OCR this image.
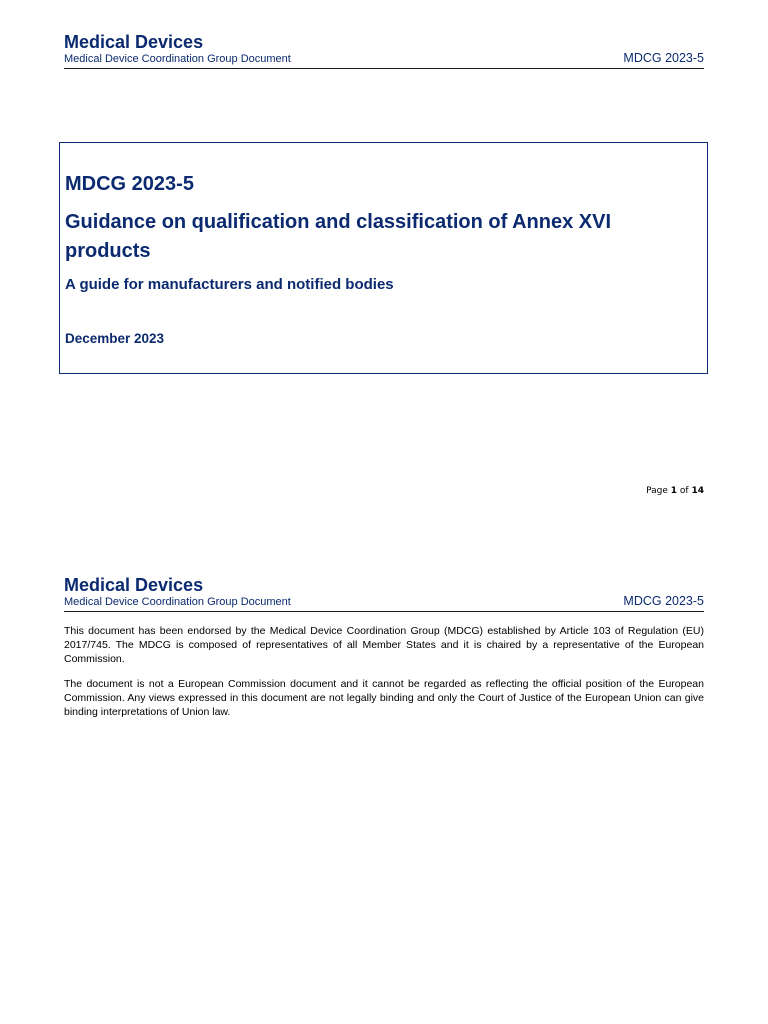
Medical Devices
Medical Device Coordination Group Document	MDCG 2023-5
MDCG 2023-5
Guidance on qualification and classification of Annex XVI products
A guide for manufacturers and notified bodies
December 2023
Page 1 of 14
Medical Devices
Medical Device Coordination Group Document	MDCG 2023-5

This document has been endorsed by the Medical Device Coordination Group (MDCG) established by Article 103 of Regulation (EU) 2017/745. The MDCG is composed of representatives of all Member States and it is chaired by a representative of the European Commission.

The document is not a European Commission document and it cannot be regarded as reflecting the official position of the European Commission. Any views expressed in this document are not legally binding and only the Court of Justice of the European Union can give binding interpretations of Union law.
